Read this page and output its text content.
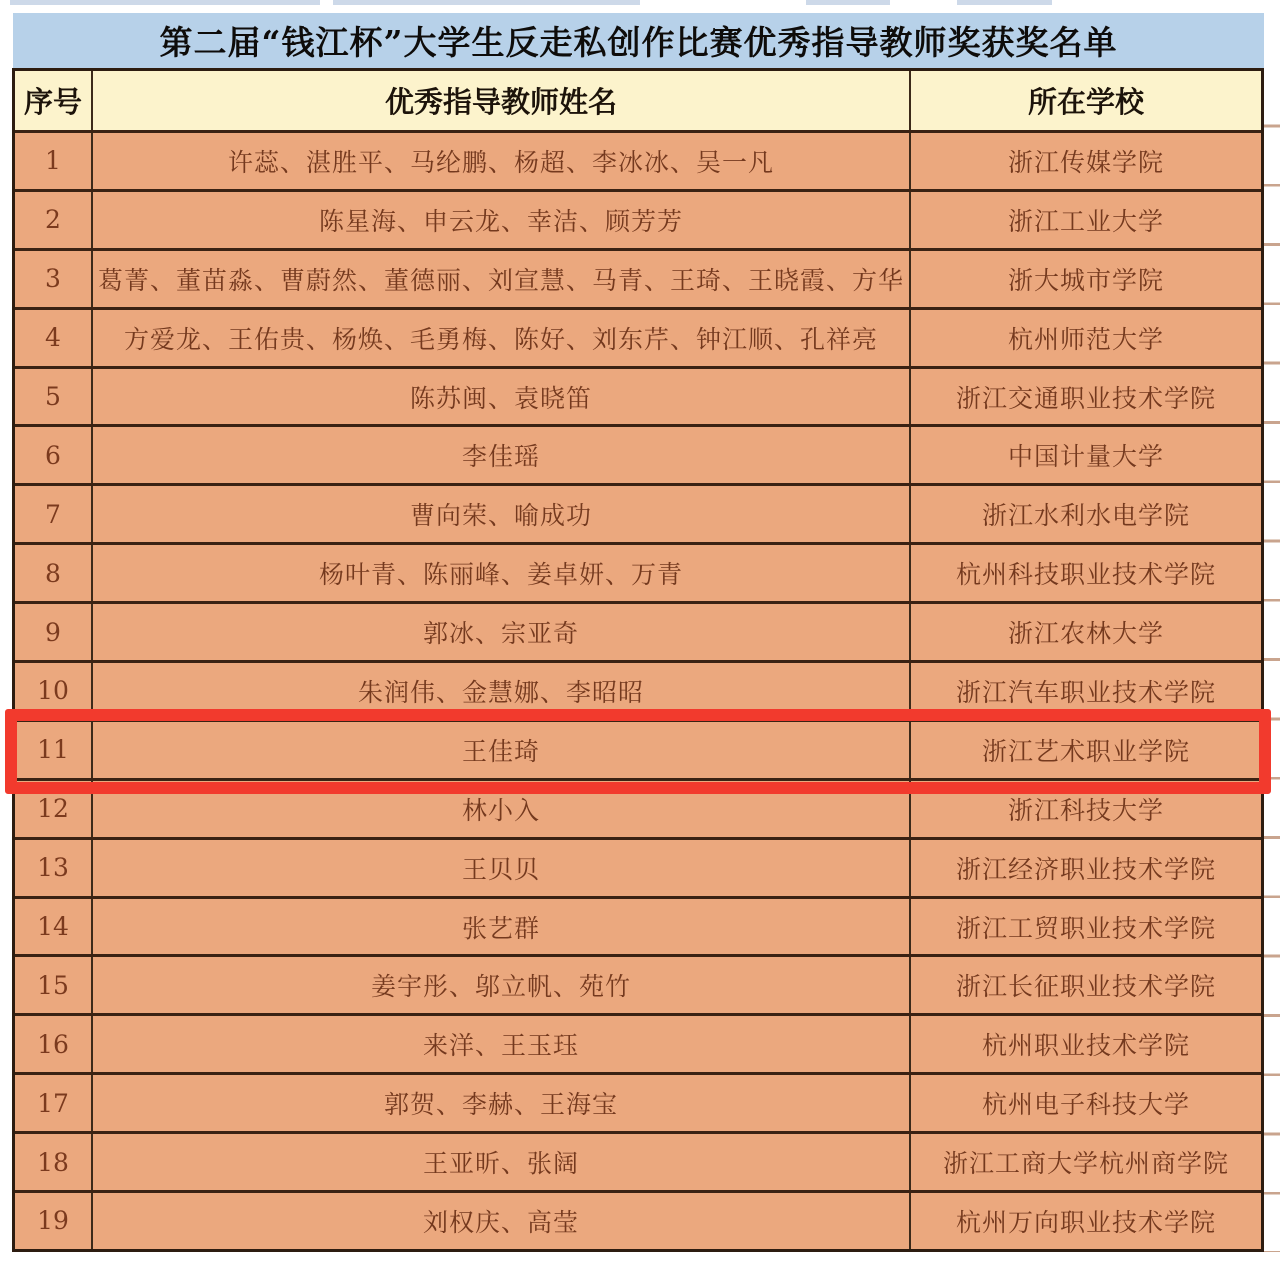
第二届“钱江杯”大学生反走私创作比赛优秀指导教师奖获奖名单
序号	优秀指导教师姓名	所在学校
1	许蕊、湛胜平、马纶鹏、杨超、李冰冰、吴一凡	浙江传媒学院
2	陈星海、申云龙、幸洁、顾芳芳	浙江工业大学
3	葛菁、董苗淼、曹蔚然、董德丽、刘宣慧、马青、王琦、王晓霞、方华	浙大城市学院
4	方爱龙、王佑贵、杨焕、毛勇梅、陈好、刘东芹、钟江顺、孔祥亮	杭州师范大学
5	陈苏闽、袁晓笛	浙江交通职业技术学院
6	李佳瑶	中国计量大学
7	曹向荣、喻成功	浙江水利水电学院
8	杨叶青、陈丽峰、姜卓妍、万青	杭州科技职业技术学院
9	郭冰、宗亚奇	浙江农林大学
10	朱润伟、金慧娜、李昭昭	浙江汽车职业技术学院
11	王佳琦	浙江艺术职业学院
12	林小入	浙江科技大学
13	王贝贝	浙江经济职业技术学院
14	张艺群	浙江工贸职业技术学院
15	姜宇彤、邬立帆、苑竹	浙江长征职业技术学院
16	来洋、王玉珏	杭州职业技术学院
17	郭贺、李赫、王海宝	杭州电子科技大学
18	王亚昕、张阔	浙江工商大学杭州商学院
19	刘权庆、高莹	杭州万向职业技术学院
